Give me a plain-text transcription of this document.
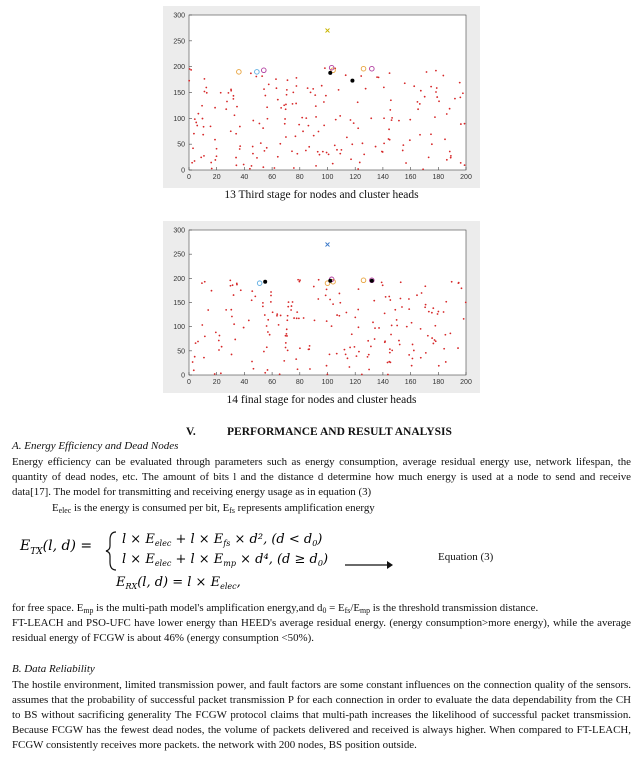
0	20	40	60	80	100 120 140 160 180 200
0
50
100
150
200
250
300
13 Third stage for nodes and cluster heads
0	20	40	60	80	100 120 140 160 180 200
0
50
100
150
200
250
300
14 final stage for nodes and cluster heads
V.	PERFORMANCE AND RESULT ANALYSIS
A. Energy Efficiency and Dead Nodes
Energy efficiency can be evaluated through parameters such as energy consumption, average residual energy use, network lifespan, the quantity of dead nodes, etc. The amount of bits l and the distance d determine how much energy is used at a node to send and receive data[17]. The model for transmitting and receiving energy usage as in equation (3)
Eelec is the energy is consumed per bit, Efs represents amplification energy
$E_{TX}(l$, $d) = l \times E_{elec} + l \times E_{fs} \times d^2$, $(d < d_0)$
$l \times E_{elec} + l \times E_{mp} \times d^4$, $(d \ge d_0)$
$E_{RX}(l$, $d) = l \times E_{elec}$,
Equation (3)
for free space. Emp is the multi-path model's amplification energy,and d0 = Efs/Emp is the threshold transmission distance.
FT-LEACH and PSO-UFC have lower energy than HEED's average residual energy. (energy consumption>more energy), while the average residual energy of FCGW is about 46% (energy consumption <50%).
B. Data Reliability
The hostile environment, limited transmission power, and fault factors are some constant influences on the connection quality of the sensors. assumes that the probability of successful packet transmission P for each connection in order to evaluate the data dependability from the CH to BS without sacrificing generality The FCGW protocol claims that multi-path increases the likelihood of successful packet transmission. Because FCGW has the fewest dead nodes, the volume of packets delivered and received is always higher. When compared to FT-LEACH, FCGW consistently receives more packets. the network with 200 nodes, BS position outside.
